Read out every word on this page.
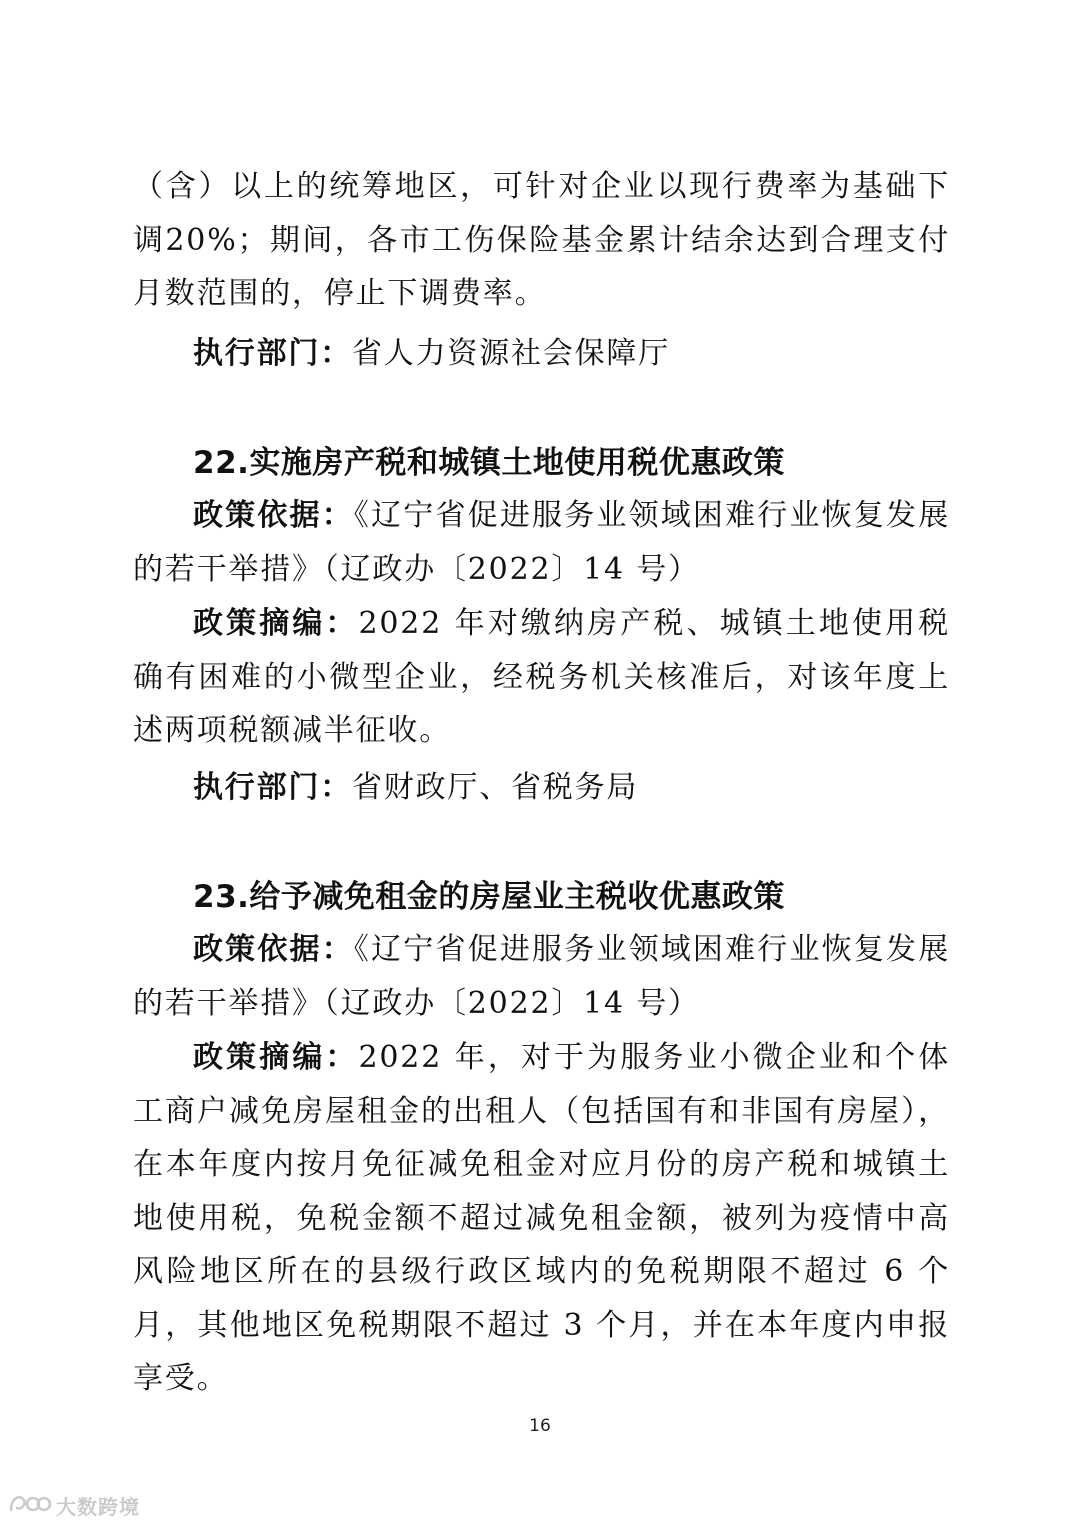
（含）以上的统筹地区，可针对企业以现行费率为基础下调20%；期间，各市工伤保险基金累计结余达到合理支付月数范围的，停止下调费率。

执行部门：省人力资源社会保障厅

22.实施房产税和城镇土地使用税优惠政策

政策依据：《辽宁省促进服务业领域困难行业恢复发展的若干举措》（辽政办〔2022〕14 号）

政策摘编：2022 年对缴纳房产税、城镇土地使用税确有困难的小微型企业，经税务机关核准后，对该年度上述两项税额减半征收。

执行部门：省财政厅、省税务局

23.给予减免租金的房屋业主税收优惠政策

政策依据：《辽宁省促进服务业领域困难行业恢复发展的若干举措》（辽政办〔2022〕14 号）

政策摘编：2022 年，对于为服务业小微企业和个体工商户减免房屋租金的出租人（包括国有和非国有房屋），在本年度内按月免征减免租金对应月份的房产税和城镇土地使用税，免税金额不超过减免租金额，被列为疫情中高风险地区所在的县级行政区域内的免税期限不超过 6 个月，其他地区免税期限不超过 3 个月，并在本年度内申报享受。

16
大数跨境
